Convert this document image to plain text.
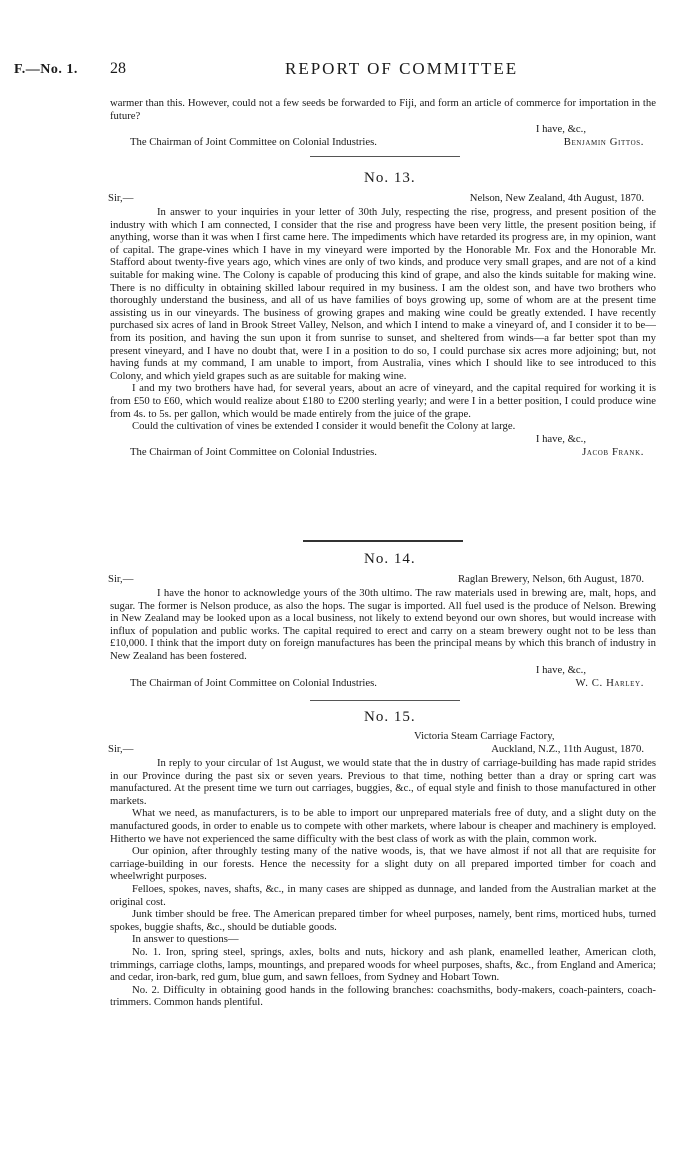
F.—No. 1. 28	REPORT OF COMMITTEE

warmer than this. However, could not a few seeds be forwarded to Fiji, and form an article of commerce for importation in the future?

I have, &c.,
The Chairman of Joint Committee on Colonial Industries.	Benjamin Gittos.
No. 13.
Sir,—	Nelson, New Zealand, 4th August, 1870.

In answer to your inquiries in your letter of 30th July, respecting the rise, progress, and present position of the industry with which I am connected, I consider that the rise and progress have been very little, the present position being, if anything, worse than it was when I first came here. The impediments which have retarded its progress are, in my opinion, want of capital. The grape-vines which I have in my vineyard were imported by the Honorable Mr. Fox and the Honorable Mr. Stafford about twenty-five years ago, which vines are only of two kinds, and produce very small grapes, and are not of a kind suitable for making wine. The Colony is capable of producing this kind of grape, and also the kinds suitable for making wine. There is no difficulty in obtaining skilled labour required in my business. I am the oldest son, and have two brothers who thoroughly understand the business, and all of us have families of boys growing up, some of whom are at the present time assisting us in our vineyards. The business of growing grapes and making wine could be greatly extended. I have recently purchased six acres of land in Brook Street Valley, Nelson, and which I intend to make a vineyard of, and I consider it to be—from its position, and having the sun upon it from sunrise to sunset, and sheltered from winds—a far better spot than my present vineyard, and I have no doubt that, were I in a position to do so, I could purchase six acres more adjoining; but, not having funds at my command, I am unable to import, from Australia, vines which I should like to see introduced to this Colony, and which yield grapes such as are suitable for making wine.

I and my two brothers have had, for several years, about an acre of vineyard, and the capital required for working it is from £50 to £60, which would realize about £180 to £200 sterling yearly; and were I in a better position, I could produce wine from 4s. to 5s. per gallon, which would be made entirely from the juice of the grape.

Could the cultivation of vines be extended I consider it would benefit the Colony at large.

I have, &c.,
The Chairman of Joint Committee on Colonial Industries.	Jacob Frank.
No. 14.
Sir,—	Raglan Brewery, Nelson, 6th August, 1870.

I have the honor to acknowledge yours of the 30th ultimo. The raw materials used in brewing are, malt, hops, and sugar. The former is Nelson produce, as also the hops. The sugar is imported. All fuel used is the produce of Nelson. Brewing in New Zealand may be looked upon as a local business, not likely to extend beyond our own shores, but would increase with influx of population and public works. The capital required to erect and carry on a steam brewery ought not to be less than £10,000. I think that the import duty on foreign manufactures has been the principal means by which this branch of industry in New Zealand has been fostered.

I have, &c.,
The Chairman of Joint Committee on Colonial Industries.	W. C. Harley.
No. 15.
Victoria Steam Carriage Factory,
Sir,—	Auckland, N.Z., 11th August, 1870.

In reply to your circular of 1st August, we would state that the in dustry of carriage-building has made rapid strides in our Province during the past six or seven years. Previous to that time, nothing better than a dray or spring cart was manufactured. At the present time we turn out carriages, buggies, &c., of equal style and finish to those manufactured in other markets.

What we need, as manufacturers, is to be able to import our unprepared materials free of duty, and a slight duty on the manufactured goods, in order to enable us to compete with other markets, where labour is cheaper and machinery is employed. Hitherto we have not experienced the same difficulty with the best class of work as with the plain, common work.

Our opinion, after throughly testing many of the native woods, is, that we have almost if not all that are requisite for carriage-building in our forests. Hence the necessity for a slight duty on all prepared imported timber for coach and wheelwright purposes.

Felloes, spokes, naves, shafts, &c., in many cases are shipped as dunnage, and landed from the Australian market at the original cost.

Junk timber should be free. The American prepared timber for wheel purposes, namely, bent rims, morticed hubs, turned spokes, buggie shafts, &c., should be dutiable goods.

In answer to questions—

No. 1. Iron, spring steel, springs, axles, bolts and nuts, hickory and ash plank, enamelled leather, American cloth, trimmings, carriage cloths, lamps, mountings, and prepared woods for wheel purposes, shafts, &c., from England and America; and cedar, iron-bark, red gum, blue gum, and sawn felloes, from Sydney and Hobart Town.

No. 2. Difficulty in obtaining good hands in the following branches: coachsmiths, body-makers, coach-painters, coach-trimmers. Common hands plentiful.
